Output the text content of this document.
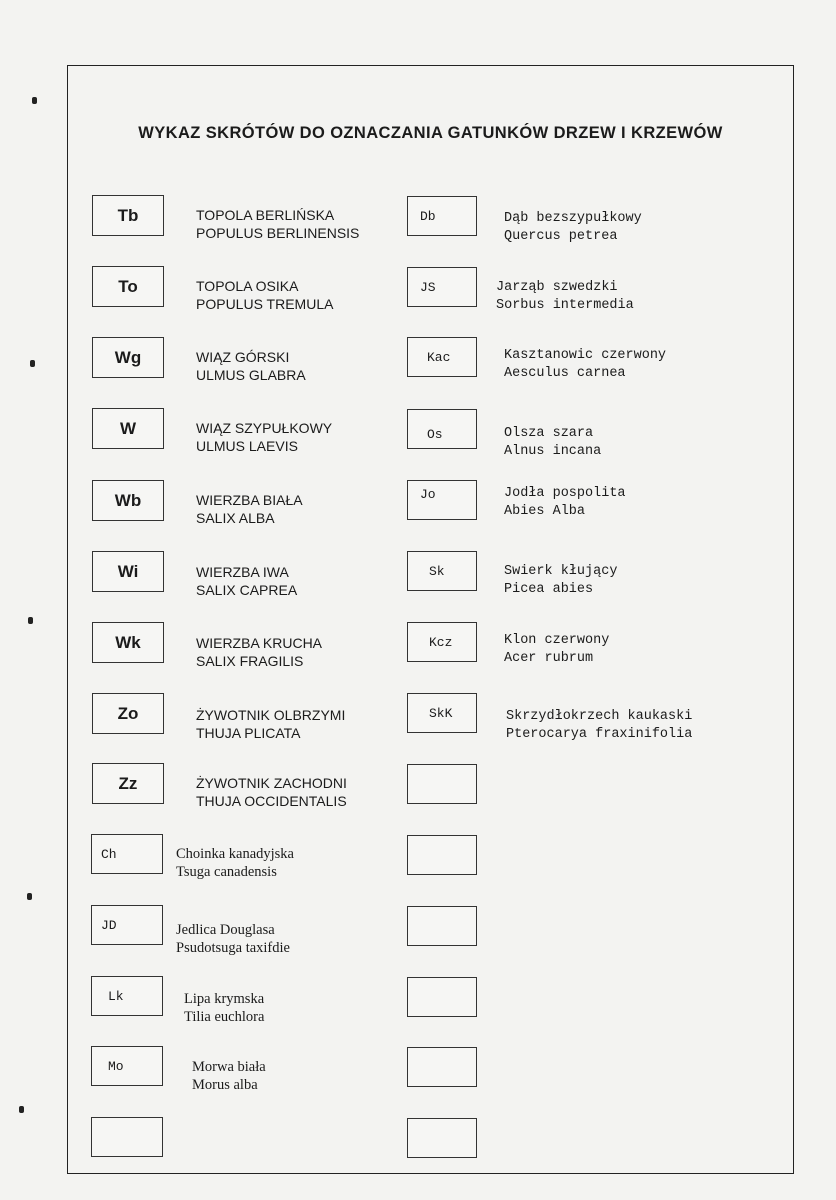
WYKAZ SKRÓTÓW DO OZNACZANIA GATUNKÓW DRZEW I KRZEWÓW
Tb	TOPOLA BERLIŃSKA
POPULUS BERLINENSIS
To	TOPOLA OSIKA
POPULUS TREMULA
Wg	WIĄZ GÓRSKI
ULMUS GLABRA
W	WIĄZ SZYPUŁKOWY
ULMUS LAEVIS
Wb	WIERZBA BIAŁA
SALIX ALBA
Wi	WIERZBA IWA
SALIX CAPREA
Wk	WIERZBA KRUCHA
SALIX FRAGILIS
Zo	ŻYWOTNIK OLBRZYMI
THUJA PLICATA
Zz	ŻYWOTNIK ZACHODNI
THUJA OCCIDENTALIS
Ch	Choinka kanadyjska
Tsuga canadensis
JD	Jedlica Douglasa
Psudotsuga taxifdie
Lk	Lipa krymska
Tilia euchlora
Mo	Morwa biała
Morus alba
Db	Dąb bezszypułkowy
Quercus petrea
JS	Jarząb szwedzki
Sorbus intermedia
Kac	Kasztanowic czerwony
Aesculus carnea
Os	Olsza szara
Alnus incana
Jo	Jodła pospolita
Abies Alba
Sk	Swierk kłujący
Picea abies
Kcz	Klon czerwony
Acer rubrum
SkK	Skrzydłokrzech kaukaski
Pterocarya fraxinifolia
